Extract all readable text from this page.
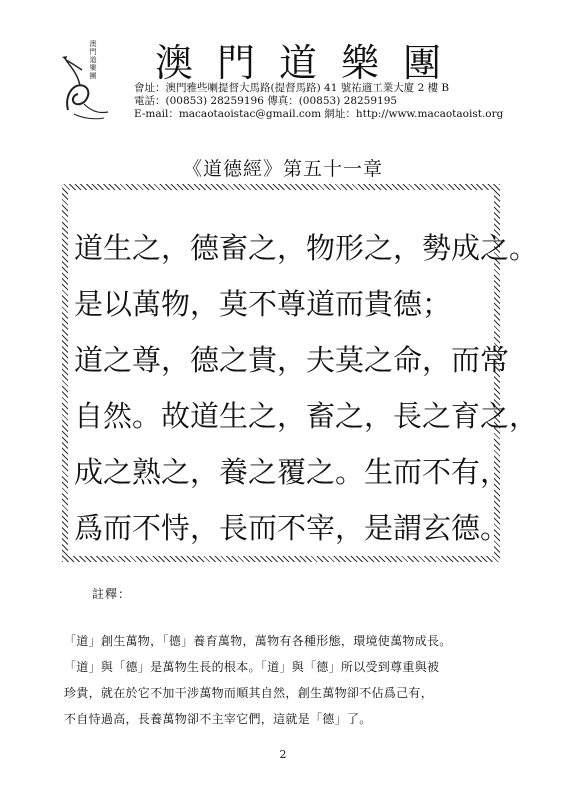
澳門道樂團 澳門道樂團
會址：澳門雅些喇提督大馬路(提督馬路) 41 號祐適工業大廈 2 樓 B
電話：(00853) 28259196 傳真：(00853) 28259195
E-mail：macaotaoistac@gmail.com 網址：http://www.macaotaoist.org
《道德經》第五十一章

道生之，德畜之，物形之，勢成之。

是以萬物，莫不尊道而貴德；

道之尊，德之貴，夫莫之命，而常

自然。故道生之，畜之，長之育之，

成之熟之，養之覆之。生而不有，

爲而不恃，長而不宰，是謂玄德。

註釋：
「道」創生萬物，「德」養育萬物，萬物有各種形態，環境使萬物成長。
「道」與「德」是萬物生長的根本。「道」與「德」所以受到尊重與被
珍貴，就在於它不加干涉萬物而順其自然，創生萬物卻不佔爲己有，
不自恃過高，長養萬物卻不主宰它們，這就是「德」了。
2
